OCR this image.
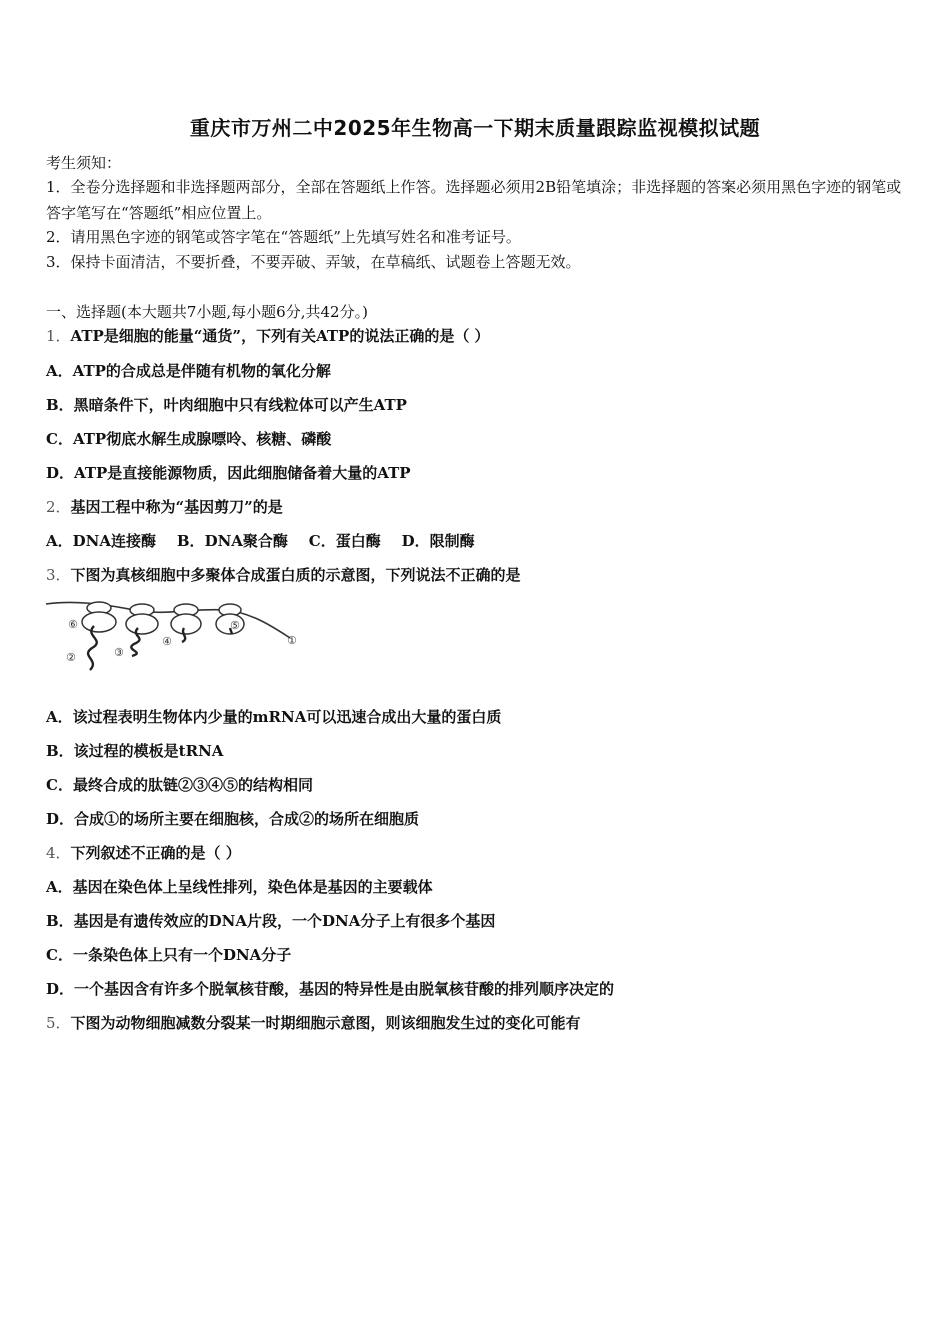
重庆市万州二中2025年生物高一下期末质量跟踪监视模拟试题
考生须知：
1．全卷分选择题和非选择题两部分，全部在答题纸上作答。选择题必须用2B铅笔填涂；非选择题的答案必须用黑色字迹的钢笔或答字笔写在“答题纸”相应位置上。
2．请用黑色字迹的钢笔或答字笔在“答题纸”上先填写姓名和准考证号。
3．保持卡面清洁，不要折叠，不要弄破、弄皱，在草稿纸、试题卷上答题无效。
一、选择题(本大题共7小题,每小题6分,共42分。)
1．ATP是细胞的能量“通货”，下列有关ATP的说法正确的是（ ）
A．ATP的合成总是伴随有机物的氧化分解
B．黑暗条件下，叶肉细胞中只有线粒体可以产生ATP
C．ATP彻底水解生成腺嘌呤、核糖、磷酸
D．ATP是直接能源物质，因此细胞储备着大量的ATP
2．基因工程中称为“基因剪刀”的是
A．DNA连接酶    B．DNA聚合酶    C．蛋白酶    D．限制酶
3．下图为真核细胞中多聚体合成蛋白质的示意图，下列说法不正确的是
⑥
②	③
④
⑤
①
A．该过程表明生物体内少量的mRNA可以迅速合成出大量的蛋白质
B．该过程的模板是tRNA
C．最终合成的肽链②③④⑤的结构相同
D．合成①的场所主要在细胞核，合成②的场所在细胞质
4．下列叙述不正确的是（ ）
A．基因在染色体上呈线性排列，染色体是基因的主要载体
B．基因是有遗传效应的DNA片段，一个DNA分子上有很多个基因
C．一条染色体上只有一个DNA分子
D．一个基因含有许多个脱氧核苷酸，基因的特异性是由脱氧核苷酸的排列顺序决定的
5．下图为动物细胞减数分裂某一时期细胞示意图，则该细胞发生过的变化可能有
